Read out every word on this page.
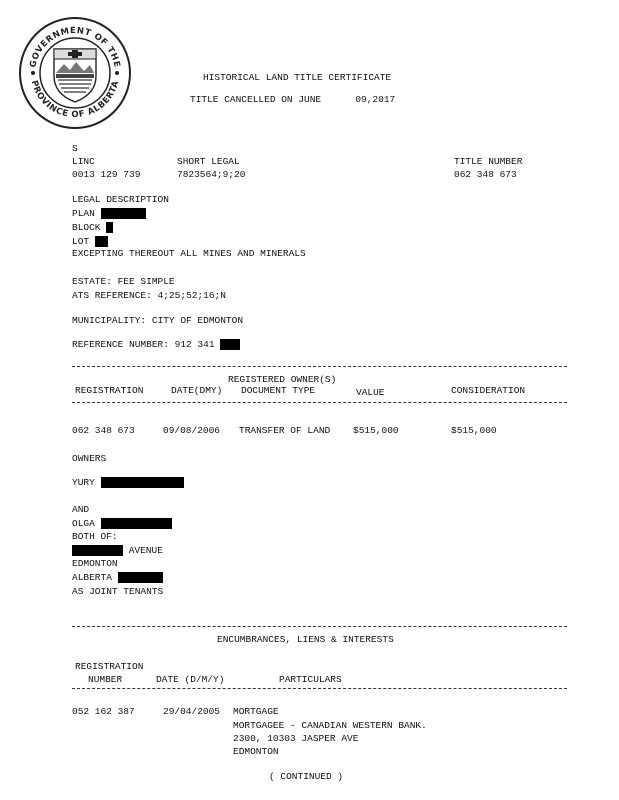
GOVERNMENT OF THE
PROVINCE OF ALBERTA
HISTORICAL LAND TITLE CERTIFICATE
TITLE CANCELLED ON JUNE      09,2017
S
LINC	SHORT LEGAL	TITLE NUMBER
0013 129 739	7823564;9;20	062 348 673
LEGAL DESCRIPTION
PLAN
BLOCK
LOT
EXCEPTING THEREOUT ALL MINES AND MINERALS
ESTATE: FEE SIMPLE
ATS REFERENCE: 4;25;52;16;N
MUNICIPALITY: CITY OF EDMONTON
REFERENCE NUMBER: 912 341
REGISTERED OWNER(S)
REGISTRATION	DATE(DMY) DOCUMENT TYPE	VALUE	CONSIDERATION
062 348 673	09/08/2006 TRANSFER OF LAND $515,000	$515,000
OWNERS
YURY
AND
OLGA
BOTH OF:
AVENUE
EDMONTON
ALBERTA
AS JOINT TENANTS
ENCUMBRANCES, LIENS & INTERESTS
REGISTRATION
NUMBER	DATE (D/M/Y)	PARTICULARS
052 162 387	29/04/2005 MORTGAGE
MORTGAGEE - CANADIAN WESTERN BANK.
2300, 10303 JASPER AVE
EDMONTON
( CONTINUED )
